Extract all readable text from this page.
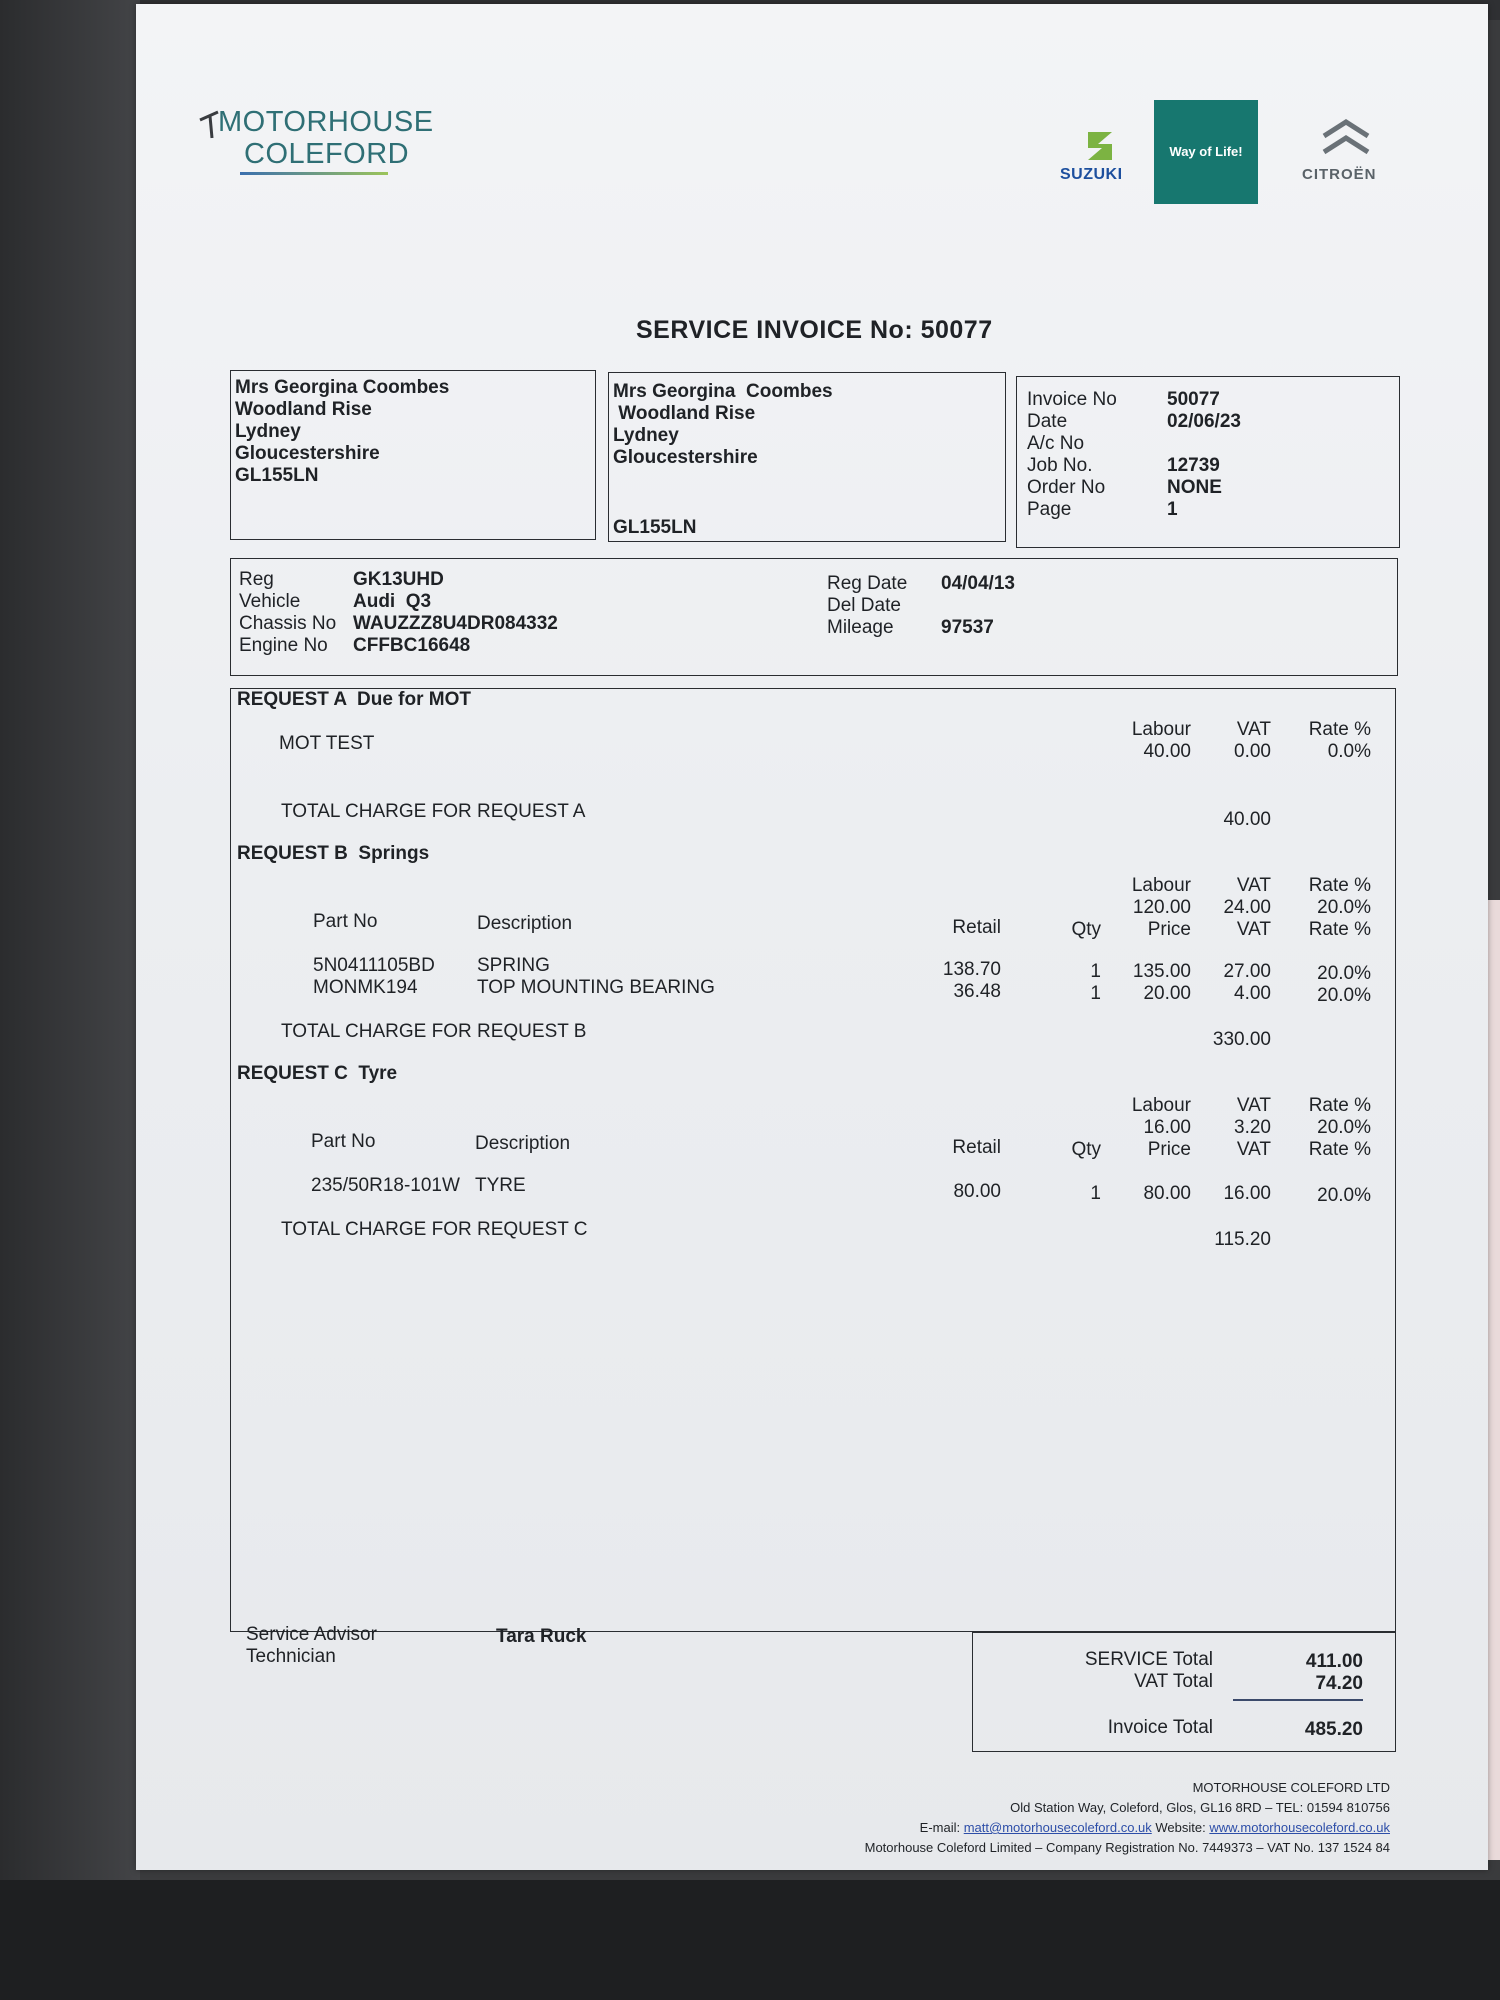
MOTORHOUSE
COLEFORD
SUZUKI
Way of Life!
CITROËN
SERVICE INVOICE No: 50077
Mrs Georgina Coombes
Woodland Rise
Lydney
Gloucestershire
GL155LN
Mrs Georgina  Coombes
Woodland Rise
Lydney
Gloucestershire
GL155LN
Invoice No	50077
Date	02/06/23
A/c No
Job No.	12739
Order No	NONE
Page	1
Reg	GK13UHD
Vehicle	Audi  Q3
Chassis No WAUZZZ8U4DR084332
Engine No CFFBC16648
Reg Date 04/04/13
Del Date
Mileage 97537
REQUEST A  Due for MOT
MOT TEST
Labour	VAT	Rate %
40.00	0.00	0.0%
TOTAL CHARGE FOR REQUEST A	40.00
REQUEST B  Springs
Labour	VAT	Rate %
120.00 24.00	20.0%
Part No	Description	Retail	Qty	Price	VAT	Rate %
5N0411105BD SPRING	138.70	1	135.00 27.00	20.0%
MONMK194	TOP MOUNTING BEARING	36.48	1	20.00	4.00	20.0%
TOTAL CHARGE FOR REQUEST B	330.00
REQUEST C  Tyre
Labour	VAT	Rate %
16.00	3.20	20.0%
Part No	Description	Retail	Qty	Price	VAT	Rate %
235/50R18-101W TYRE	80.00	1	80.00 16.00	20.0%
TOTAL CHARGE FOR REQUEST C	115.20
Service Advisor
Technician
Tara Ruck
SERVICE Total	411.00
VAT Total	74.20
Invoice Total	485.20
MOTORHOUSE COLEFORD LTD
Old Station Way, Coleford, Glos, GL16 8RD – TEL: 01594 810756
E-mail: matt@motorhousecoleford.co.uk Website: www.motorhousecoleford.co.uk
Motorhouse Coleford Limited – Company Registration No. 7449373 – VAT No. 137 1524 84
